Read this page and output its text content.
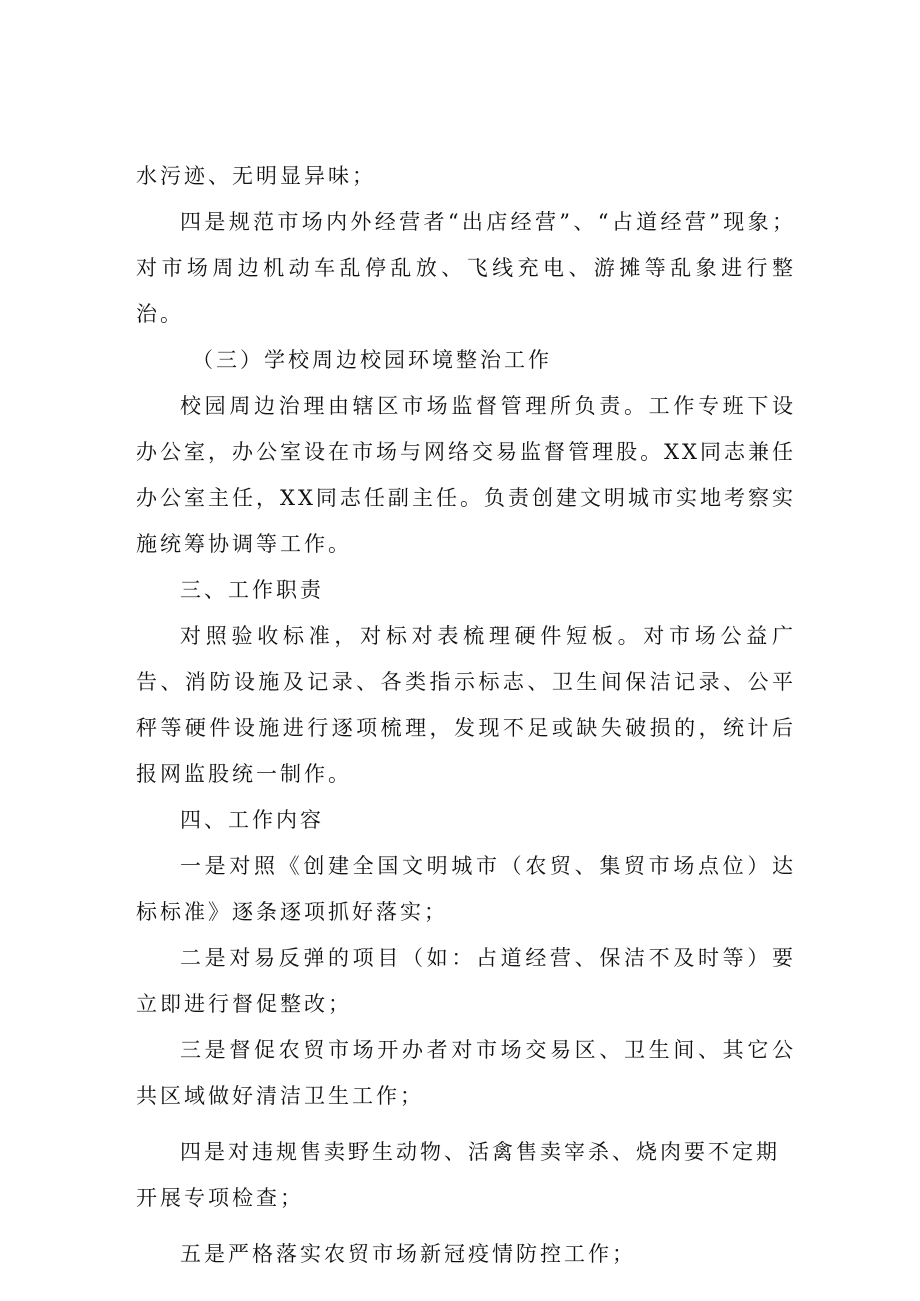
水污迹、无明显异味；

四是规范市场内外经营者“出店经营”、“占道经营”现象；对市场周边机动车乱停乱放、飞线充电、游摊等乱象进行整治。

（三）学校周边校园环境整治工作

校园周边治理由辖区市场监督管理所负责。工作专班下设办公室，办公室设在市场与网络交易监督管理股。XX同志兼任办公室主任，XX同志任副主任。负责创建文明城市实地考察实施统筹协调等工作。

三、工作职责

对照验收标准，对标对表梳理硬件短板。对市场公益广告、消防设施及记录、各类指示标志、卫生间保洁记录、公平秤等硬件设施进行逐项梳理，发现不足或缺失破损的，统计后报网监股统一制作。

四、工作内容

一是对照《创建全国文明城市（农贸、集贸市场点位）达标标准》逐条逐项抓好落实；

二是对易反弹的项目（如：占道经营、保洁不及时等）要立即进行督促整改；

三是督促农贸市场开办者对市场交易区、卫生间、其它公共区域做好清洁卫生工作；

四是对违规售卖野生动物、活禽售卖宰杀、烧肉要不定期

开展专项检查；

五是严格落实农贸市场新冠疫情防控工作；
